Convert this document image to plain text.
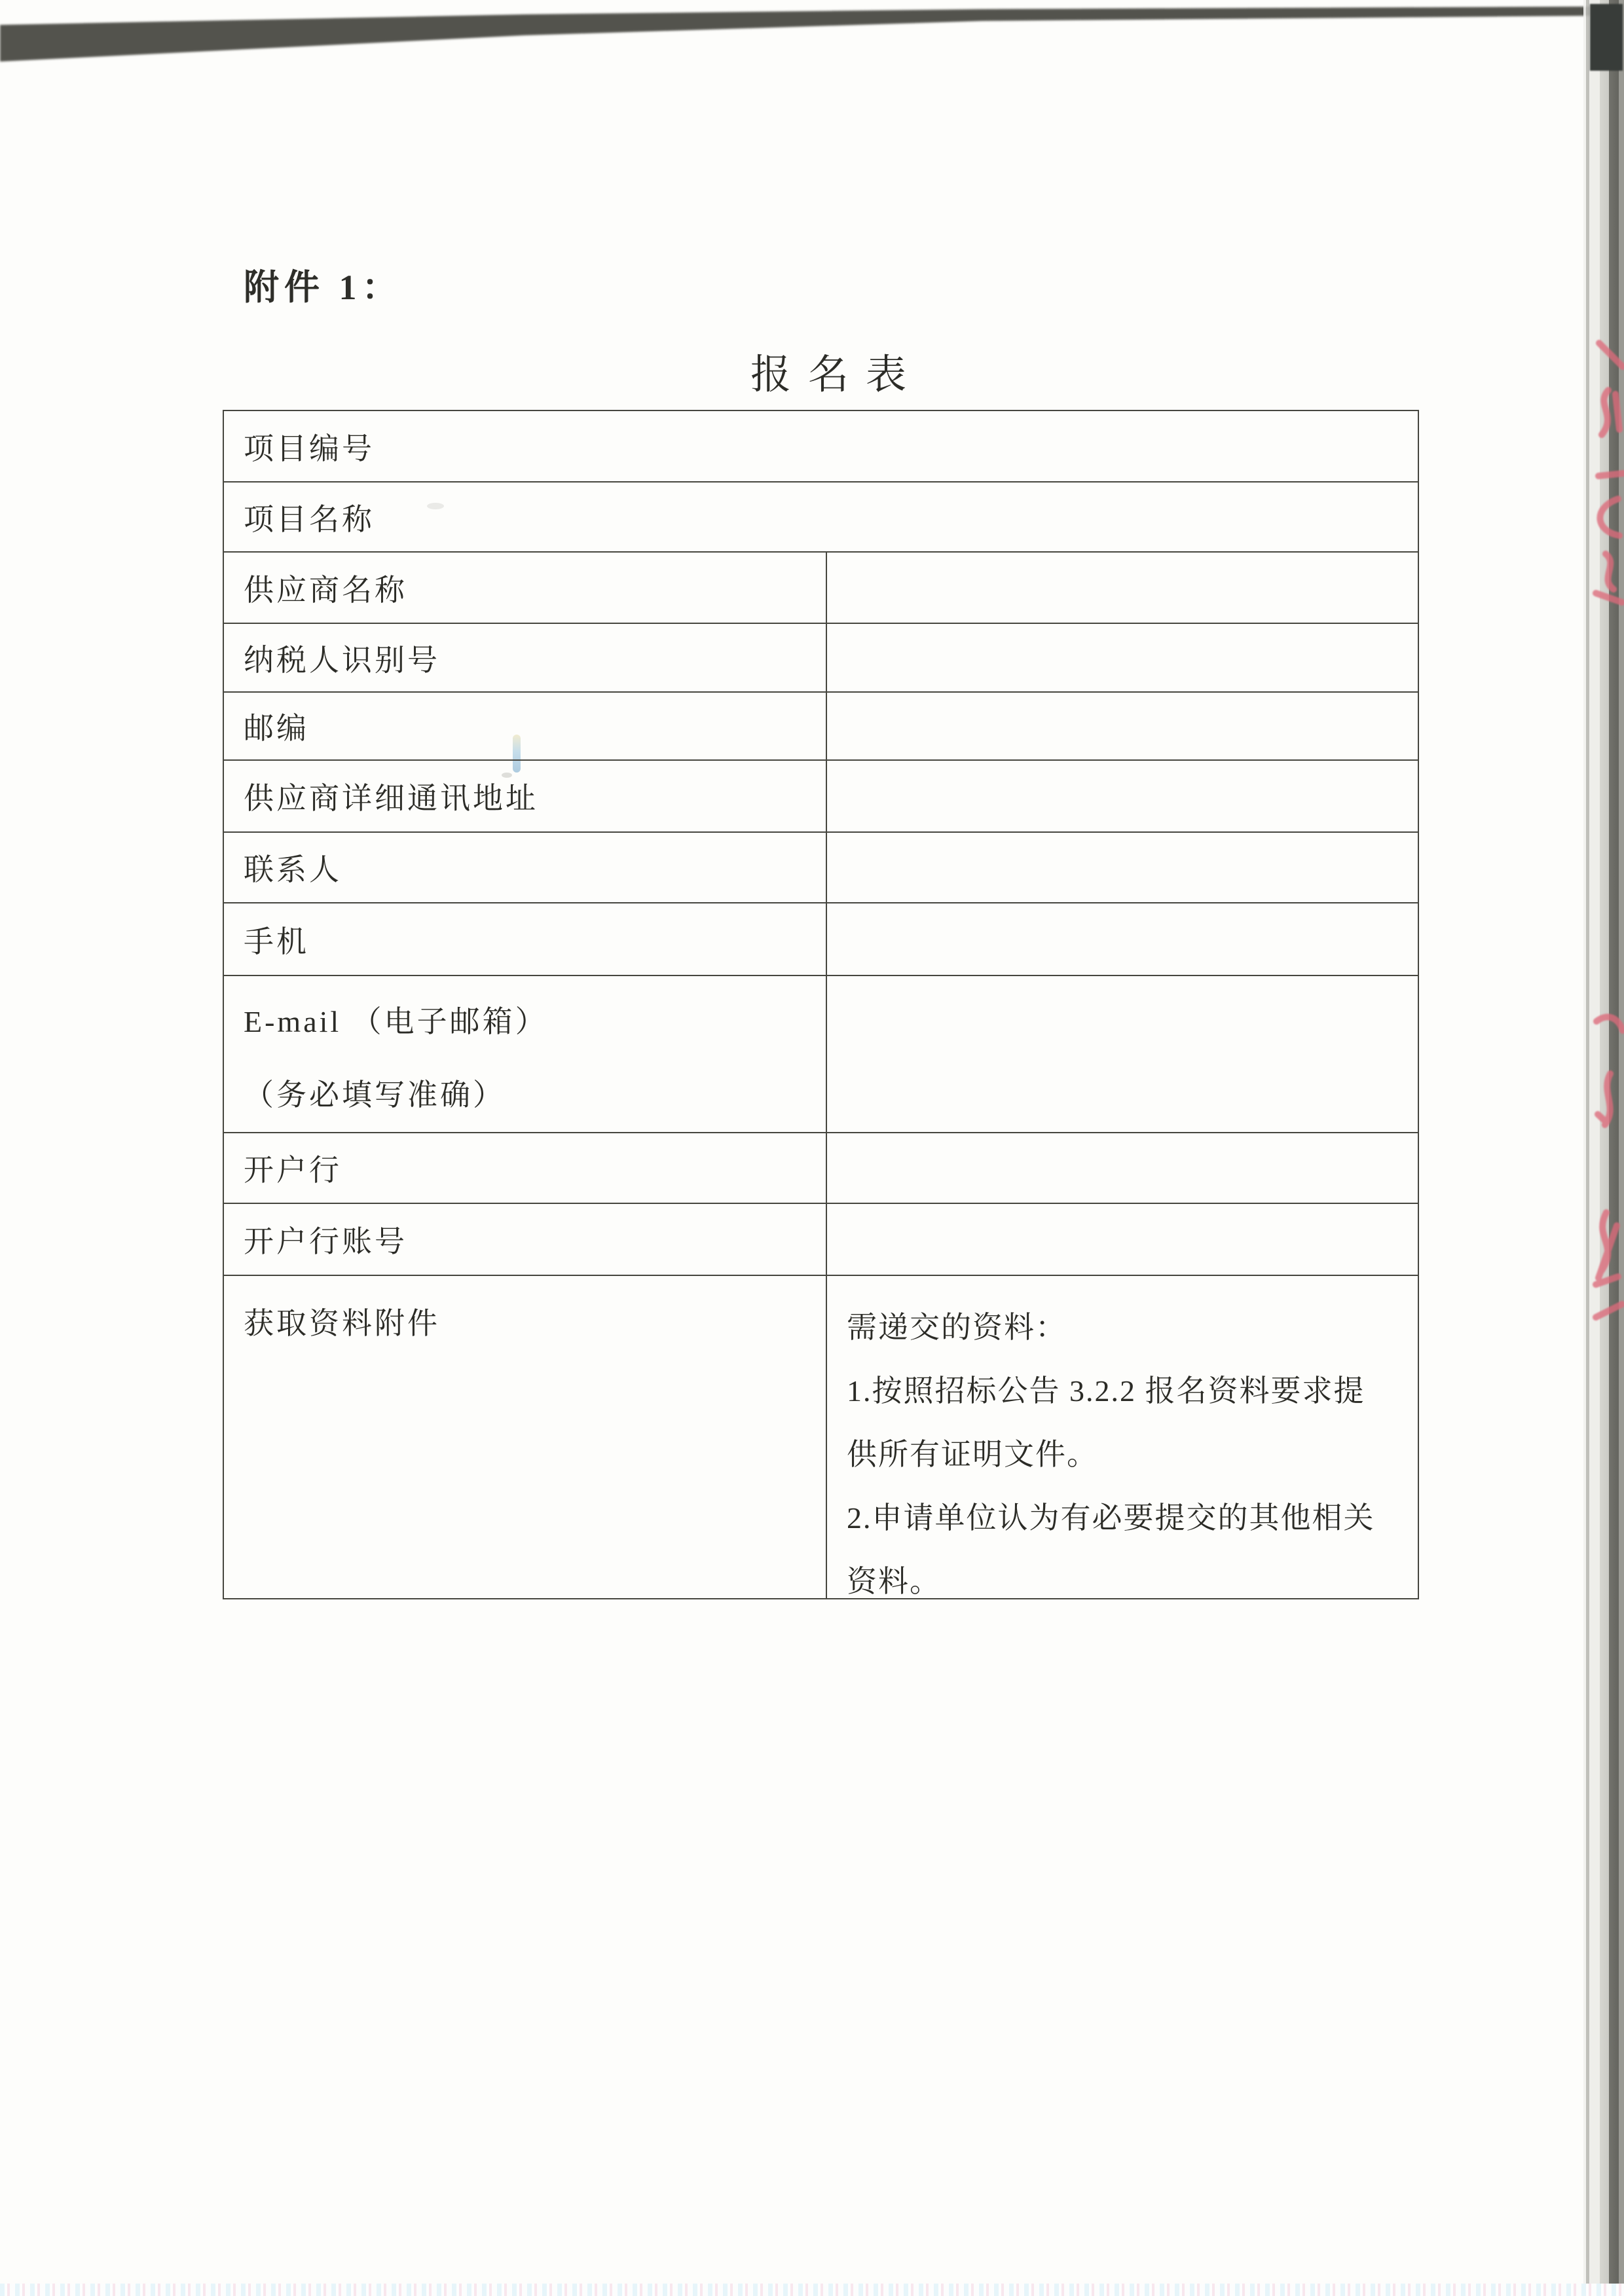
附件 1：
报名表
项目编号
项目名称
供应商名称
纳税人识别号
邮编
供应商详细通讯地址
联系人
手机
E-mail （电子邮箱）
（务必填写准确）
开户行
开户行账号
获取资料附件	需递交的资料：
1.按照招标公告 3.2.2 报名资料要求提
供所有证明文件。
2.申请单位认为有必要提交的其他相关
资料。
